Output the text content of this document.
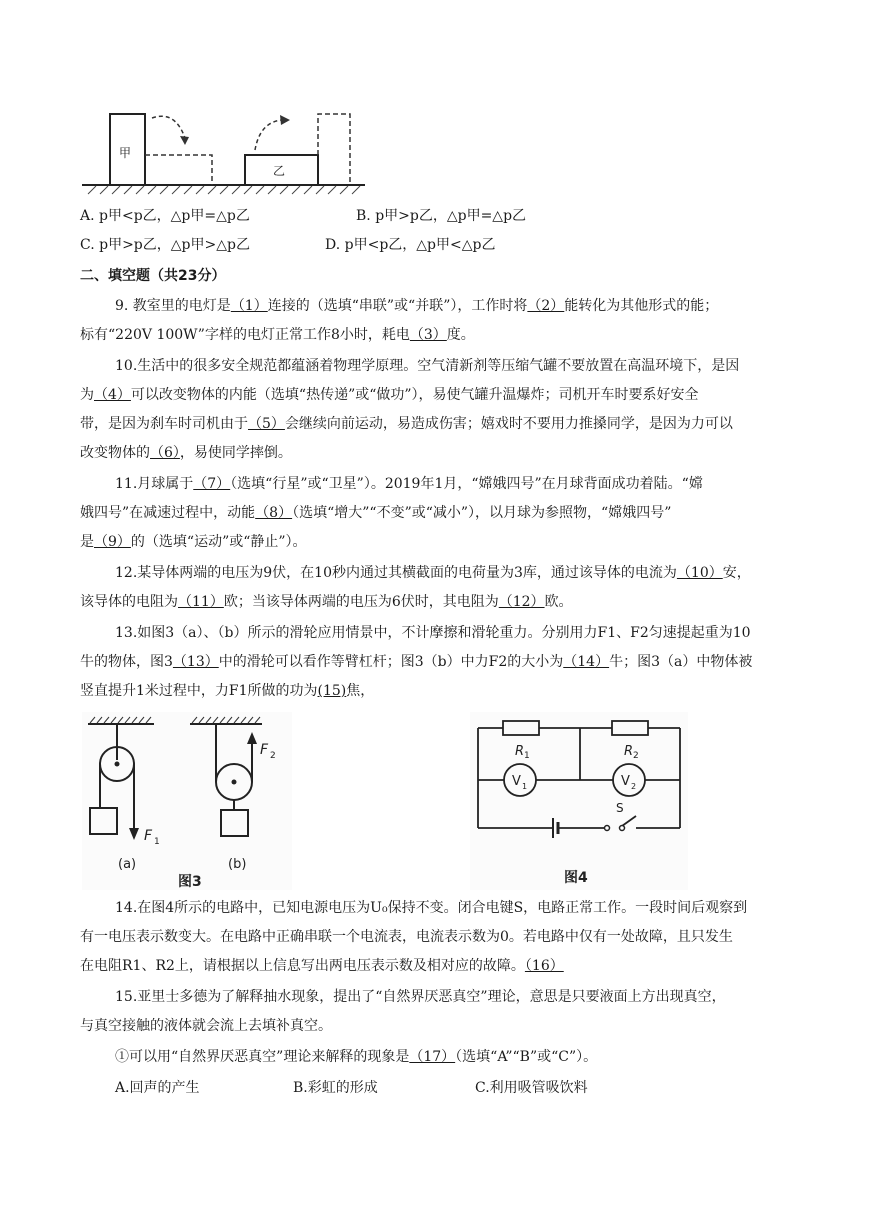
甲
乙
A. p甲<p乙，△p甲=△p乙	B. p甲>p乙，△p甲=△p乙
C. p甲>p乙，△p甲>△p乙	D. p甲<p乙，△p甲<△p乙
二、填空题（共23分）
9. 教室里的电灯是（1）连接的（选填“串联”或“并联”），工作时将（2）能转化为其他形式的能；
标有“220V 100W”字样的电灯正常工作8小时，耗电（3）度。
10.生活中的很多安全规范都蕴涵着物理学原理。空气清新剂等压缩气罐不要放置在高温环境下，是因
为（4）可以改变物体的内能（选填“热传递”或“做功”），易使气罐升温爆炸；司机开车时要系好安全
带，是因为刹车时司机由于（5）会继续向前运动，易造成伤害；嬉戏时不要用力推搡同学，是因为力可以
改变物体的（6），易使同学摔倒。
11.月球属于（7）（选填“行星”或“卫星”）。2019年1月，“嫦娥四号”在月球背面成功着陆。“嫦
娥四号”在减速过程中，动能（8）（选填“增大”“不变”或“减小”），以月球为参照物，“嫦娥四号”
是（9）的（选填“运动”或“静止”）。
12.某导体两端的电压为9伏，在10秒内通过其横截面的电荷量为3库，通过该导体的电流为（10）安，
该导体的电阻为（11）欧；当该导体两端的电压为6伏时，其电阻为（12）欧。
13.如图3（a）、（b）所示的滑轮应用情景中，不计摩擦和滑轮重力。分别用力F1、F2匀速提起重为10
牛的物体，图3（13）中的滑轮可以看作等臂杠杆；图3（b）中力F2的大小为（14）牛；图3（a）中物体被
竖直提升1米过程中，力F1所做的功为(15)焦，
F 1
(a)
F 2
(b)
图3
R 1	R 2
V 1	V 2
S
图4
14.在图4所示的电路中，已知电源电压为U₀保持不变。闭合电键S，电路正常工作。一段时间后观察到
有一电压表示数变大。在电路中正确串联一个电流表，电流表示数为0。若电路中仅有一处故障，且只发生
在电阻R1、R2上，请根据以上信息写出两电压表示数及相对应的故障。（16）
15.亚里士多德为了解释抽水现象，提出了“自然界厌恶真空”理论，意思是只要液面上方出现真空，
与真空接触的液体就会流上去填补真空。
①可以用“自然界厌恶真空”理论来解释的现象是（17）（选填“A”“B”或“C”）。
A.回声的产生	B.彩虹的形成	C.利用吸管吸饮料
